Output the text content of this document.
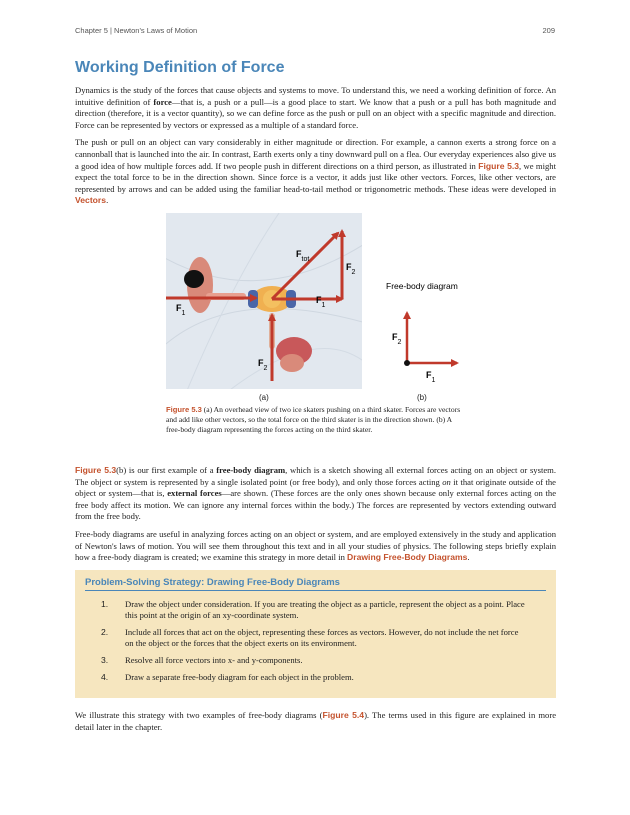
Chapter 5 | Newton's Laws of Motion	209
Working Definition of Force

Dynamics is the study of the forces that cause objects and systems to move. To understand this, we need a working definition of force. An intuitive definition of force—that is, a push or a pull—is a good place to start. We know that a push or a pull has both magnitude and direction (therefore, it is a vector quantity), so we can define force as the push or pull on an object with a specific magnitude and direction. Force can be represented by vectors or expressed as a multiple of a standard force.

The push or pull on an object can vary considerably in either magnitude or direction. For example, a cannon exerts a strong force on a cannonball that is launched into the air. In contrast, Earth exerts only a tiny downward pull on a flea. Our everyday experiences also give us a good idea of how multiple forces add. If two people push in different directions on a third person, as illustrated in Figure 5.3, we might expect the total force to be in the direction shown. Since force is a vector, it adds just like other vectors. Forces, like other vectors, are represented by arrows and can be added using the familiar head-to-tail method or trigonometric methods. These ideas were developed in Vectors.

$F_{tot}$
$F_2$
$F_1$
$F_1$
$F_2$
(a)
Free-body diagram
$F_2$
$F_1$
(b)
Figure 5.3 (a) An overhead view of two ice skaters pushing on a third skater. Forces are vectors and add like other vectors, so the total force on the third skater is in the direction shown. (b) A free-body diagram representing the forces acting on the third skater.

Figure 5.3(b) is our first example of a free-body diagram, which is a sketch showing all external forces acting on an object or system. The object or system is represented by a single isolated point (or free body), and only those forces acting on it that originate outside of the object or system—that is, external forces—are shown. (These forces are the only ones shown because only external forces acting on the free body affect its motion. We can ignore any internal forces within the body.) The forces are represented by vectors extending outward from the free body.

Free-body diagrams are useful in analyzing forces acting on an object or system, and are employed extensively in the study and application of Newton's laws of motion. You will see them throughout this text and in all your studies of physics. The following steps briefly explain how a free-body diagram is created; we examine this strategy in more detail in Drawing Free-Body Diagrams.

Problem-Solving Strategy: Drawing Free-Body Diagrams
1. Draw the object under consideration. If you are treating the object as a particle, represent the object as a point. Place this point at the origin of an xy-coordinate system.
2. Include all forces that act on the object, representing these forces as vectors. However, do not include the net force on the object or the forces that the object exerts on its environment.
3. Resolve all force vectors into x- and y-components.
4. Draw a separate free-body diagram for each object in the problem.

We illustrate this strategy with two examples of free-body diagrams (Figure 5.4). The terms used in this figure are explained in more detail later in the chapter.
